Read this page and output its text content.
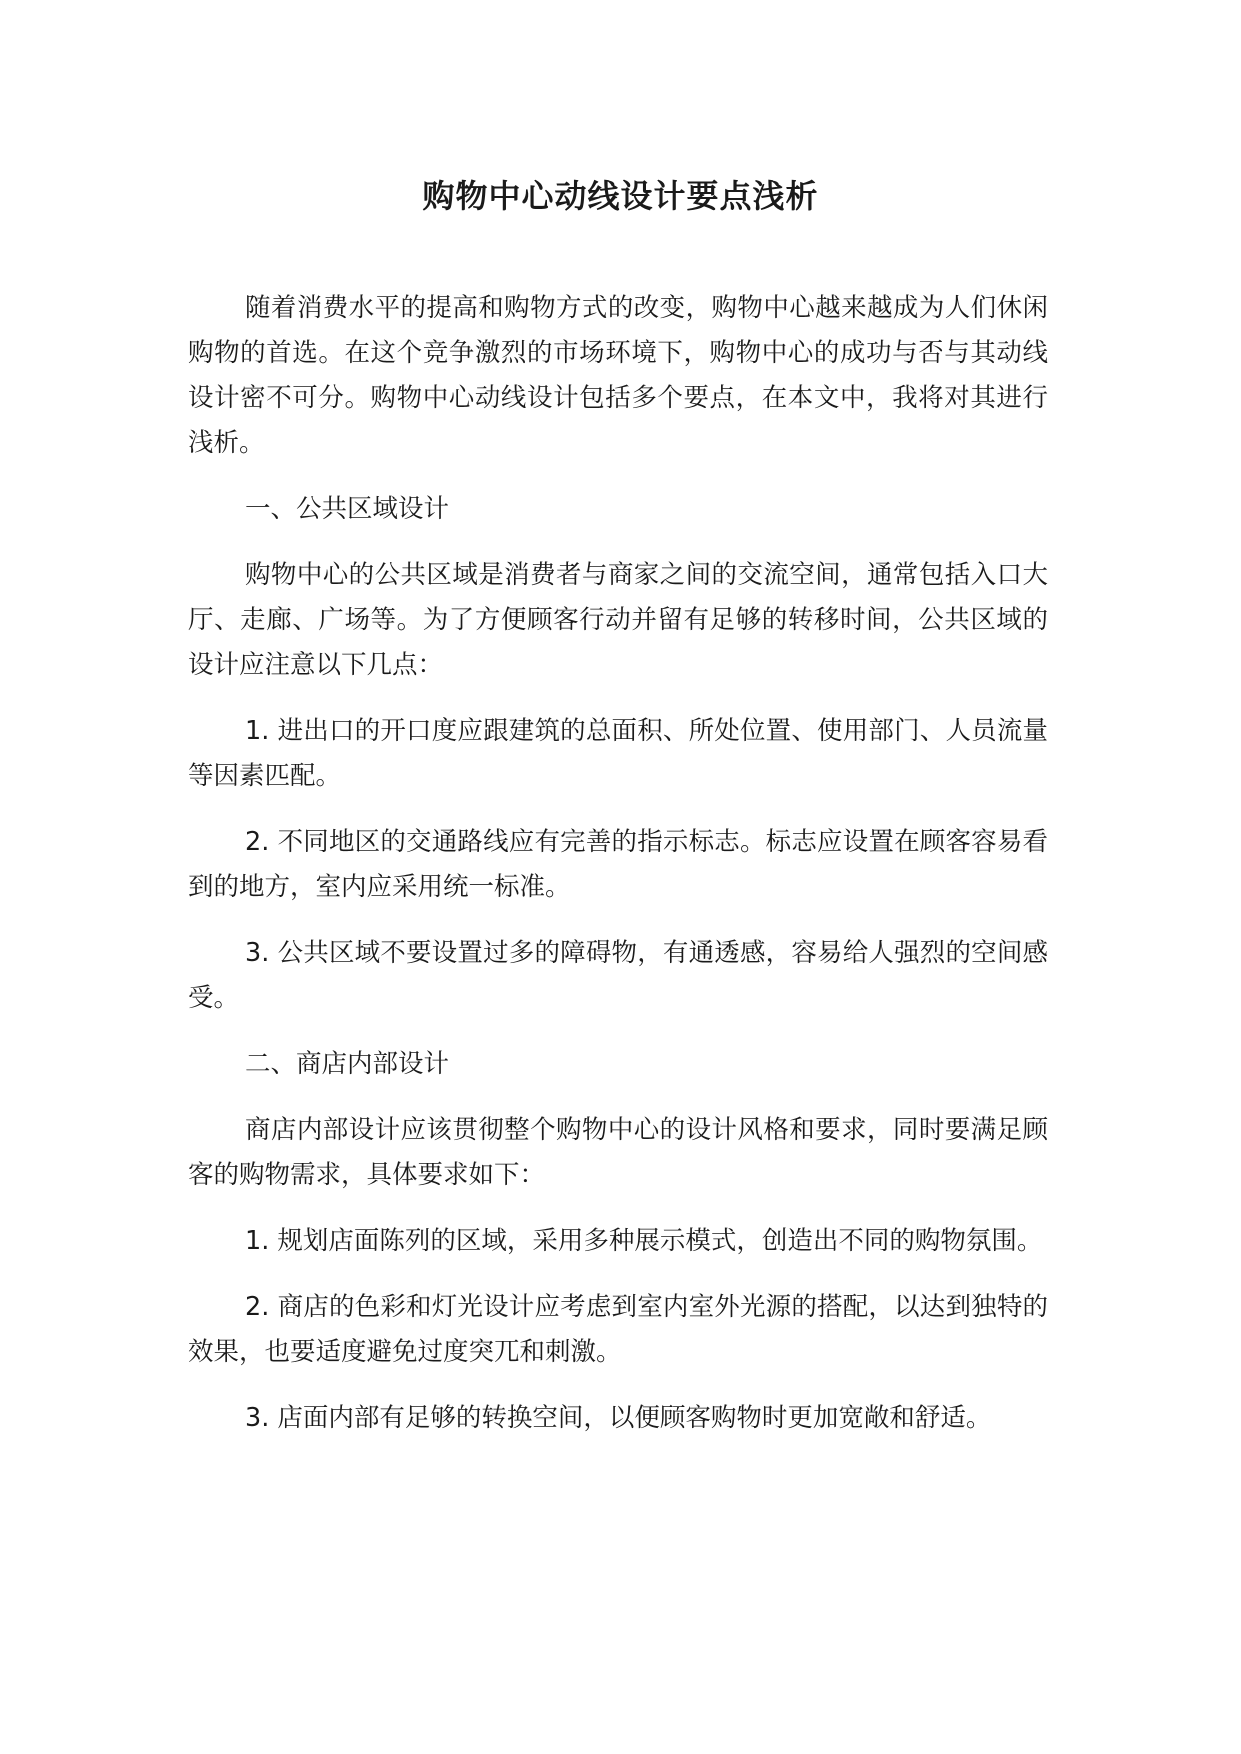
购物中心动线设计要点浅析

随着消费水平的提高和购物方式的改变，购物中心越来越成为人们休闲购物的首选。在这个竞争激烈的市场环境下，购物中心的成功与否与其动线设计密不可分。购物中心动线设计包括多个要点，在本文中，我将对其进行浅析。

一、公共区域设计

购物中心的公共区域是消费者与商家之间的交流空间，通常包括入口大厅、走廊、广场等。为了方便顾客行动并留有足够的转移时间，公共区域的设计应注意以下几点：

1. 进出口的开口度应跟建筑的总面积、所处位置、使用部门、人员流量等因素匹配。

2. 不同地区的交通路线应有完善的指示标志。标志应设置在顾客容易看到的地方，室内应采用统一标准。

3. 公共区域不要设置过多的障碍物，有通透感，容易给人强烈的空间感受。

二、商店内部设计

商店内部设计应该贯彻整个购物中心的设计风格和要求，同时要满足顾客的购物需求，具体要求如下：

1. 规划店面陈列的区域，采用多种展示模式，创造出不同的购物氛围。

2. 商店的色彩和灯光设计应考虑到室内室外光源的搭配，以达到独特的效果，也要适度避免过度突兀和刺激。

3. 店面内部有足够的转换空间，以便顾客购物时更加宽敞和舒适。
